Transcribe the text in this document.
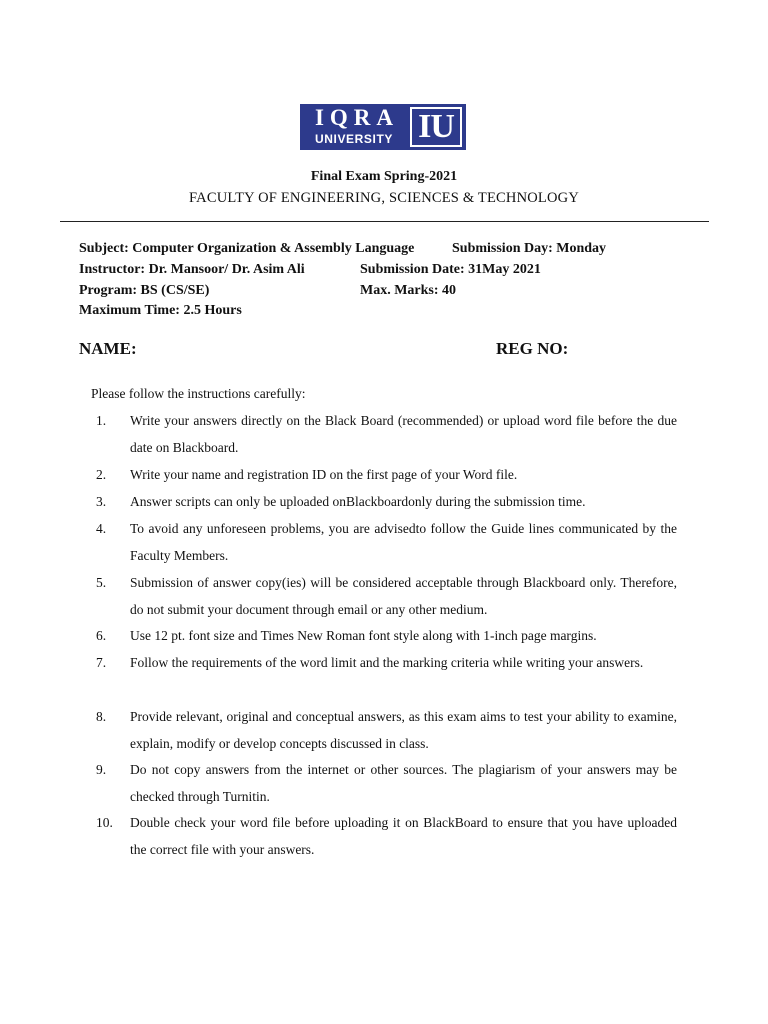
IQRA
UNIVERSITY IU
Final Exam Spring-2021
FACULTY OF ENGINEERING, SCIENCES & TECHNOLOGY
Subject: Computer Organization & Assembly Language	Submission Day: Monday
Instructor: Dr. Mansoor/ Dr. Asim Ali	Submission Date: 31May 2021
Program: BS (CS/SE)	Max. Marks: 40
Maximum Time: 2.5 Hours
NAME:	REG NO:
Please follow the instructions carefully:
1. Write your answers directly on the Black Board (recommended) or upload word file before the due date on Blackboard.
2. Write your name and registration ID on the first page of your Word file.
3. Answer scripts can only be uploaded onBlackboardonly during the submission time.
4. To avoid any unforeseen problems, you are advisedto follow the Guide lines communicated by the Faculty Members.
5. Submission of answer copy(ies) will be considered acceptable through Blackboard only. Therefore, do not submit your document through email or any other medium.
6. Use 12 pt. font size and Times New Roman font style along with 1-inch page margins.
7. Follow the requirements of the word limit and the marking criteria while writing your answers.
8. Provide relevant, original and conceptual answers, as this exam aims to test your ability to examine, explain, modify or develop concepts discussed in class.
9. Do not copy answers from the internet or other sources. The plagiarism of your answers may be checked through Turnitin.
10. Double check your word file before uploading it on BlackBoard to ensure that you have uploaded the correct file with your answers.
